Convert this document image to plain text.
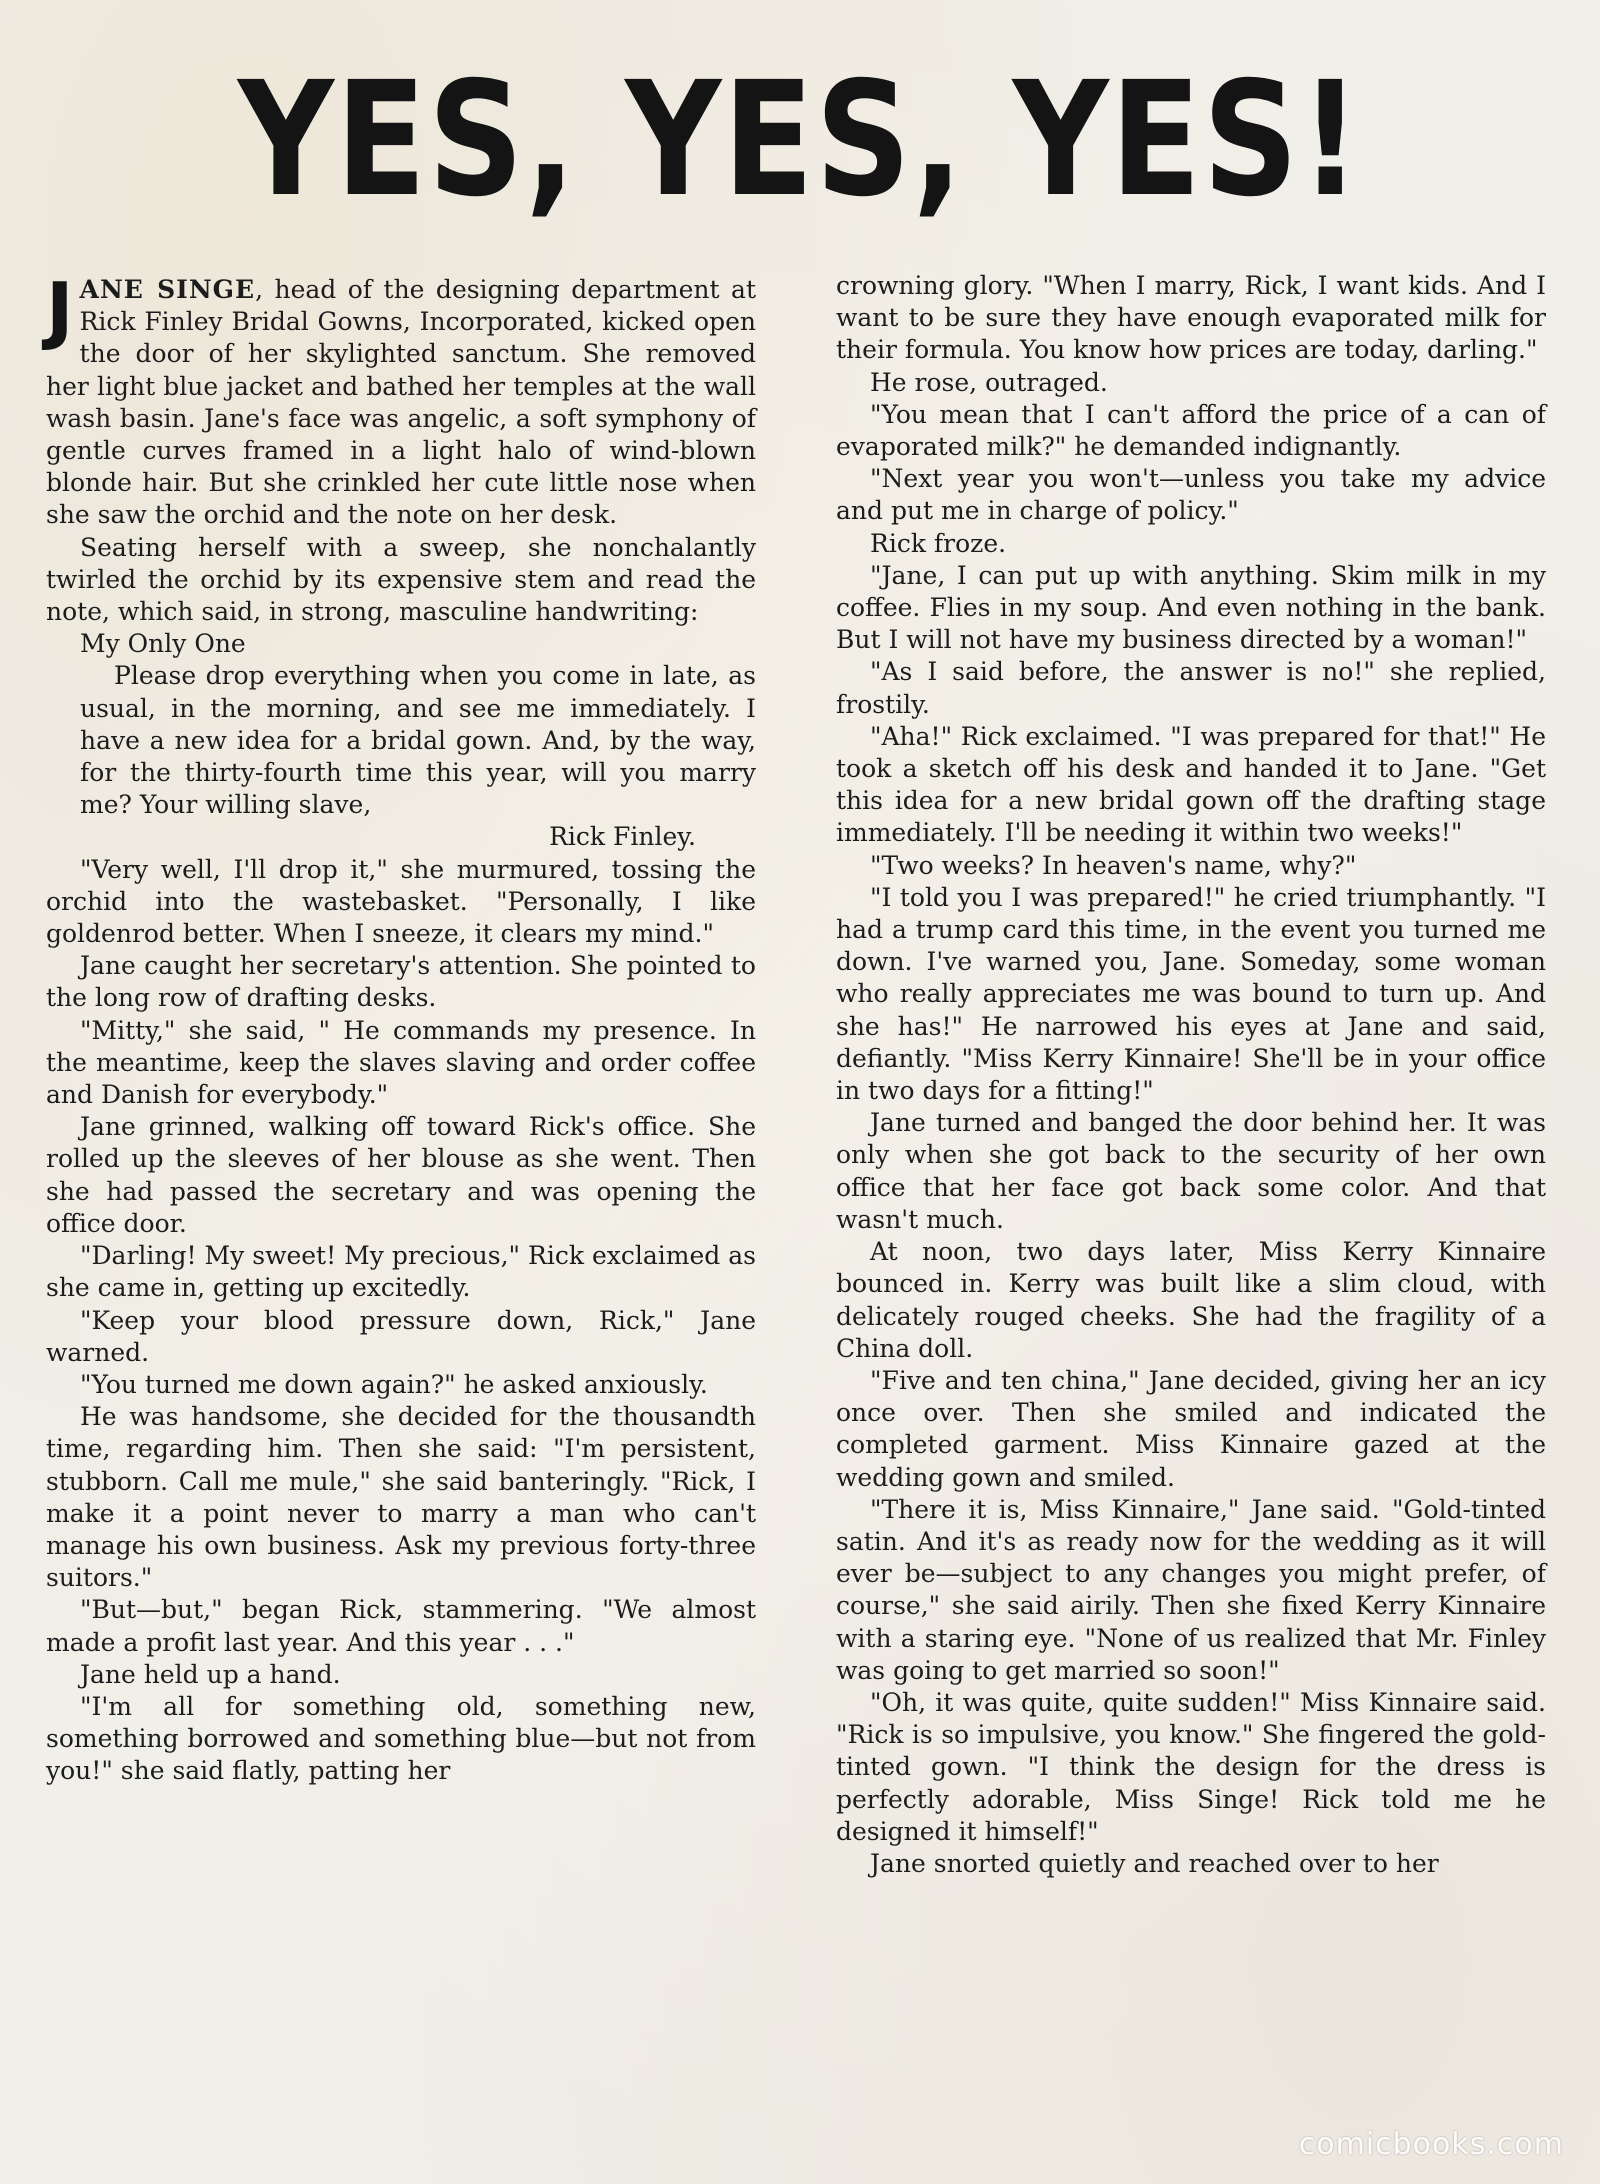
YES, YES, YES!

JANE SINGE, head of the designing department at Rick Finley Bridal Gowns, Incorporated, kicked open the door of her skylighted sanctum. She removed her light blue jacket and bathed her temples at the wall wash basin. Jane's face was angelic, a soft symphony of gentle curves framed in a light halo of wind-blown blonde hair. But she crinkled her cute little nose when she saw the orchid and the note on her desk.

Seating herself with a sweep, she nonchalantly twirled the orchid by its expensive stem and read the note, which said, in strong, masculine handwriting:

My Only One

Please drop everything when you come in late, as usual, in the morning, and see me immediately. I have a new idea for a bridal gown. And, by the way, for the thirty-fourth time this year, will you marry me? Your willing slave,

Rick Finley.

"Very well, I'll drop it," she murmured, tossing the orchid into the wastebasket. "Personally, I like goldenrod better. When I sneeze, it clears my mind."

Jane caught her secretary's attention. She pointed to the long row of drafting desks.

"Mitty," she said, " He commands my presence. In the meantime, keep the slaves slaving and order coffee and Danish for everybody."

Jane grinned, walking off toward Rick's office. She rolled up the sleeves of her blouse as she went. Then she had passed the secretary and was opening the office door.

"Darling! My sweet! My precious," Rick exclaimed as she came in, getting up excitedly.

"Keep your blood pressure down, Rick," Jane warned.

"You turned me down again?" he asked anxiously.

He was handsome, she decided for the thousandth time, regarding him. Then she said: "I'm persistent, stubborn. Call me mule," she said banteringly. "Rick, I make it a point never to marry a man who can't manage his own business. Ask my previous forty-three suitors."

"But—but," began Rick, stammering. "We almost made a profit last year. And this year . . ."

Jane held up a hand.

"I'm all for something old, something new, something borrowed and something blue—but not from you!" she said flatly, patting her

crowning glory. "When I marry, Rick, I want kids. And I want to be sure they have enough evaporated milk for their formula. You know how prices are today, darling."

He rose, outraged.

"You mean that I can't afford the price of a can of evaporated milk?" he demanded indignantly.

"Next year you won't—unless you take my advice and put me in charge of policy."

Rick froze.

"Jane, I can put up with anything. Skim milk in my coffee. Flies in my soup. And even nothing in the bank. But I will not have my business directed by a woman!"

"As I said before, the answer is no!" she replied, frostily.

"Aha!" Rick exclaimed. "I was prepared for that!" He took a sketch off his desk and handed it to Jane. "Get this idea for a new bridal gown off the drafting stage immediately. I'll be needing it within two weeks!"

"Two weeks? In heaven's name, why?"

"I told you I was prepared!" he cried triumphantly. "I had a trump card this time, in the event you turned me down. I've warned you, Jane. Someday, some woman who really appreciates me was bound to turn up. And she has!" He narrowed his eyes at Jane and said, defiantly. "Miss Kerry Kinnaire! She'll be in your office in two days for a fitting!"

Jane turned and banged the door behind her. It was only when she got back to the security of her own office that her face got back some color. And that wasn't much.

At noon, two days later, Miss Kerry Kinnaire bounced in. Kerry was built like a slim cloud, with delicately rouged cheeks. She had the fragility of a China doll.

"Five and ten china," Jane decided, giving her an icy once over. Then she smiled and indicated the completed garment. Miss Kinnaire gazed at the wedding gown and smiled.

"There it is, Miss Kinnaire," Jane said. "Gold-tinted satin. And it's as ready now for the wedding as it will ever be—subject to any changes you might prefer, of course," she said airily. Then she fixed Kerry Kinnaire with a staring eye. "None of us realized that Mr. Finley was going to get married so soon!"

"Oh, it was quite, quite sudden!" Miss Kinnaire said. "Rick is so impulsive, you know." She fingered the gold-tinted gown. "I think the design for the dress is perfectly adorable, Miss Singe! Rick told me he designed it himself!"

Jane snorted quietly and reached over to her

comicbooks.com
